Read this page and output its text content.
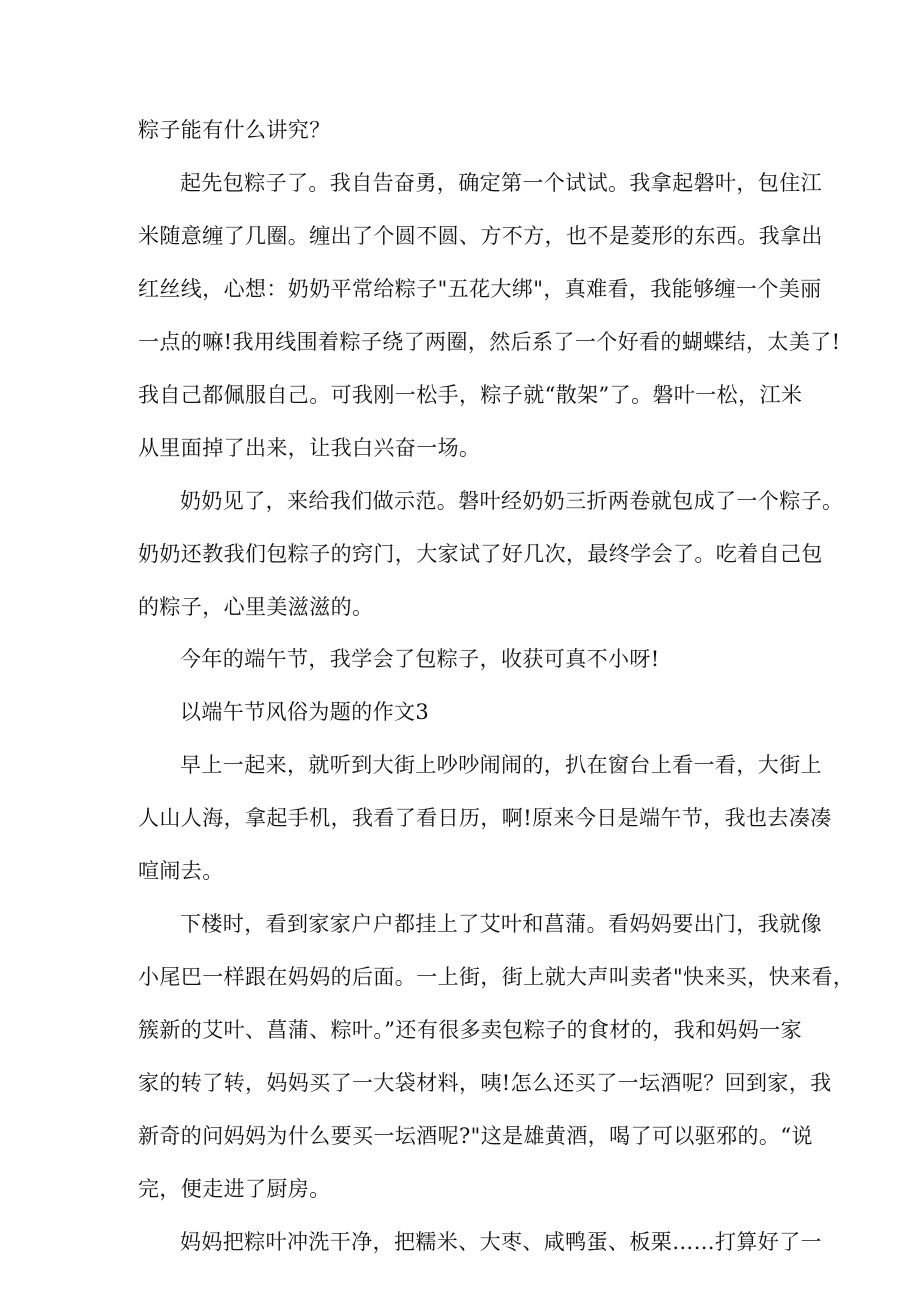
粽子能有什么讲究？
起先包粽子了。我自告奋勇，确定第一个试试。我拿起磐叶，包住江
米随意缠了几圈。缠出了个圆不圆、方不方，也不是菱形的东西。我拿出
红丝线，心想：奶奶平常给粽子"五花大绑"，真难看，我能够缠一个美丽
一点的嘛!我用线围着粽子绕了两圈，然后系了一个好看的蝴蝶结，太美了!
我自己都佩服自己。可我刚一松手，粽子就“散架”了。磐叶一松，江米
从里面掉了出来，让我白兴奋一场。
奶奶见了，来给我们做示范。磐叶经奶奶三折两卷就包成了一个粽子。
奶奶还教我们包粽子的窍门，大家试了好几次，最终学会了。吃着自己包
的粽子，心里美滋滋的。
今年的端午节，我学会了包粽子，收获可真不小呀!
以端午节风俗为题的作文3
早上一起来，就听到大街上吵吵闹闹的，扒在窗台上看一看，大街上
人山人海，拿起手机，我看了看日历，啊!原来今日是端午节，我也去凑凑
喧闹去。
下楼时，看到家家户户都挂上了艾叶和菖蒲。看妈妈要出门，我就像
小尾巴一样跟在妈妈的后面。一上街，街上就大声叫卖者"快来买，快来看，
簇新的艾叶、菖蒲、粽叶。”还有很多卖包粽子的食材的，我和妈妈一家
家的转了转，妈妈买了一大袋材料，咦!怎么还买了一坛酒呢？回到家，我
新奇的问妈妈为什么要买一坛酒呢?"这是雄黄酒，喝了可以驱邪的。“说
完，便走进了厨房。
妈妈把粽叶冲洗干净，把糯米、大枣、咸鸭蛋、板栗……打算好了一
